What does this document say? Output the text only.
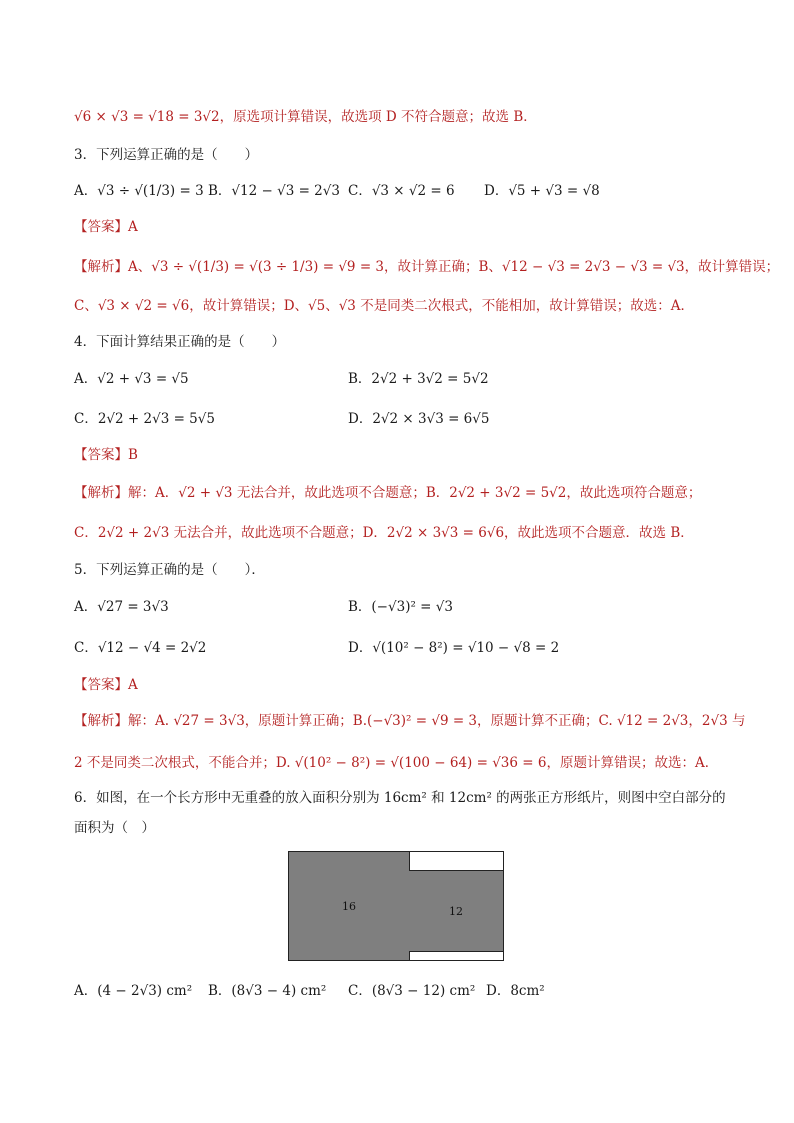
√6 × √3 = √18 = 3√2，原选项计算错误，故选项 D 不符合题意；故选 B．
3．下列运算正确的是（　　）
A．√3 ÷ √(1/3) = 3 B．√12 − √3 = 2√3 C．√3 × √2 = 6 D．√5 + √3 = √8
【答案】A
【解析】A、√3 ÷ √(1/3) = √(3 ÷ 1/3) = √9 = 3，故计算正确；B、√12 − √3 = 2√3 − √3 = √3，故计算错误；
C、√3 × √2 = √6，故计算错误；D、√5、√3 不是同类二次根式，不能相加，故计算错误；故选：A．
4．下面计算结果正确的是（　　）
A．√2 + √3 = √5	B．2√2 + 3√2 = 5√2
C．2√2 + 2√3 = 5√5	D．2√2 × 3√3 = 6√5
【答案】B
【解析】解：A．√2 + √3 无法合并，故此选项不合题意；B．2√2 + 3√2 = 5√2，故此选项符合题意；
C．2√2 + 2√3 无法合并，故此选项不合题意；D．2√2 × 3√3 = 6√6，故此选项不合题意．故选 B．
5．下列运算正确的是（　　）．
A．√27 = 3√3	B．(−√3)² = √3
C．√12 − √4 = 2√2	D．√(10² − 8²) = √10 − √8 = 2
【答案】A
【解析】解：A. √27 = 3√3，原题计算正确；B.(−√3)² = √9 = 3，原题计算不正确；C. √12 = 2√3，2√3 与
2 不是同类二次根式，不能合并；D. √(10² − 8²) = √(100 − 64) = √36 = 6，原题计算错误；故选：A．
6．如图，在一个长方形中无重叠的放入面积分别为 16cm² 和 12cm² 的两张正方形纸片，则图中空白部分的
面积为（　）
16	12
A．(4 − 2√3) cm² B．(8√3 − 4) cm² C．(8√3 − 12) cm² D．8cm²
